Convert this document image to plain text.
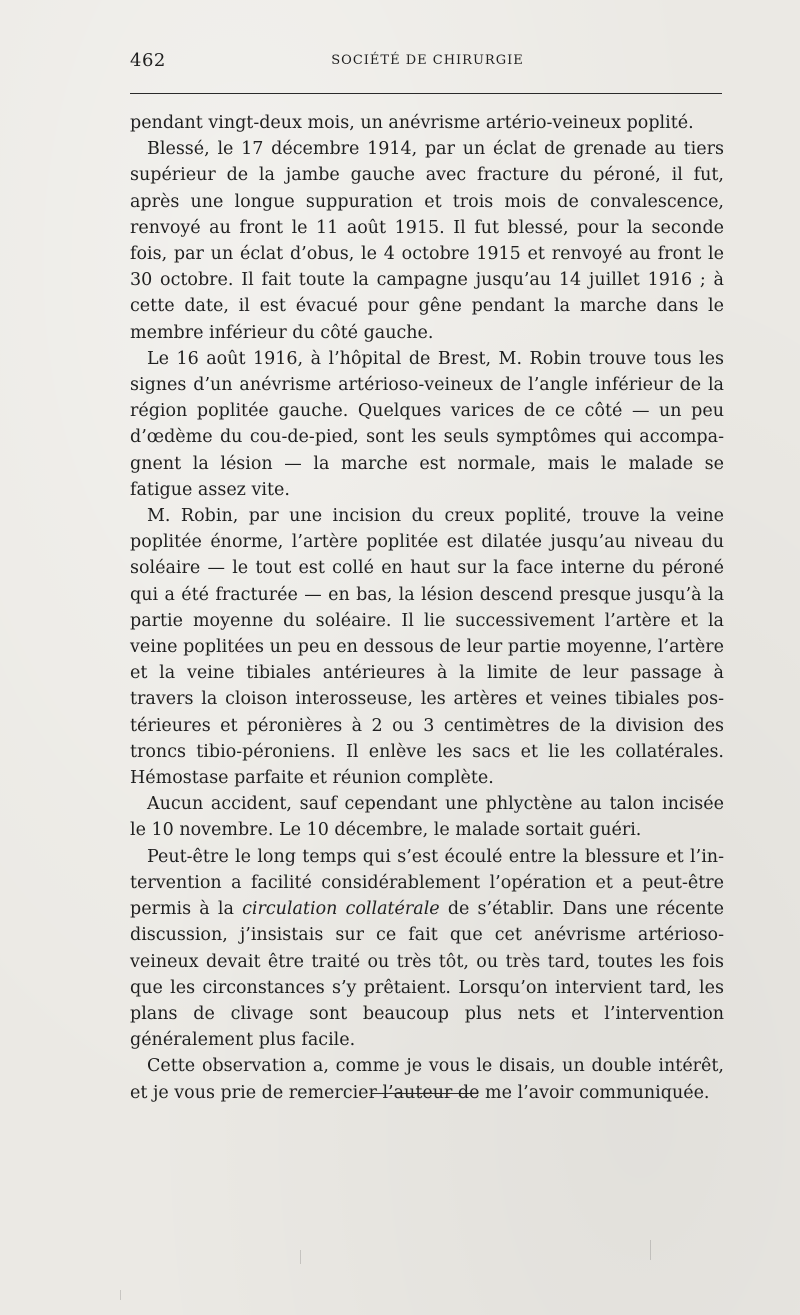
462	SOCIÉTÉ DE CHIRURGIE

pendant vingt-deux mois, un anévrisme artério-veineux poplité.

Blessé, le 17 décembre 1914, par un éclat de grenade au tiers supérieur de la jambe gauche avec fracture du péroné, il fut, après une longue suppuration et trois mois de convalescence, renvoyé au front le 11 août 1915. Il fut blessé, pour la seconde fois, par un éclat d’obus, le 4 octobre 1915 et renvoyé au front le 30 octobre. Il fait toute la campagne jusqu’au 14 juillet 1916 ; à cette date, il est évacué pour gêne pendant la marche dans le membre inférieur du côté gauche.

Le 16 août 1916, à l’hôpital de Brest, M. Robin trouve tous les signes d’un anévrisme artérioso-veineux de l’angle inférieur de la région poplitée gauche. Quelques varices de ce côté — un peu d’œdème du cou-de-pied, sont les seuls symptômes qui accompagnent la lésion — la marche est normale, mais le malade se fatigue assez vite.

M. Robin, par une incision du creux poplité, trouve la veine poplitée énorme, l’artère poplitée est dilatée jusqu’au niveau du soléaire — le tout est collé en haut sur la face interne du péroné qui a été fracturée — en bas, la lésion descend presque jusqu’à la partie moyenne du soléaire. Il lie successivement l’artère et la veine poplitées un peu en dessous de leur partie moyenne, l’artère et la veine tibiales antérieures à la limite de leur passage à travers la cloison interosseuse, les artères et veines tibiales postérieures et péronières à 2 ou 3 centimètres de la division des troncs tibio-péroniens. Il enlève les sacs et lie les collatérales. Hémostase parfaite et réunion complète.

Aucun accident, sauf cependant une phlyctène au talon incisée le 10 novembre. Le 10 décembre, le malade sortait guéri.

Peut-être le long temps qui s’est écoulé entre la blessure et l’intervention a facilité considérablement l’opération et a peut-être permis à la circulation collatérale de s’établir. Dans une récente discussion, j’insistais sur ce fait que cet anévrisme artérioso-veineux devait être traité ou très tôt, ou très tard, toutes les fois que les circonstances s’y prêtaient. Lorsqu’on intervient tard, les plans de clivage sont beaucoup plus nets et l’intervention généralement plus facile.

Cette observation a, comme je vous le disais, un double intérêt, et je vous prie de remercier l’auteur de me l’avoir communiquée.
